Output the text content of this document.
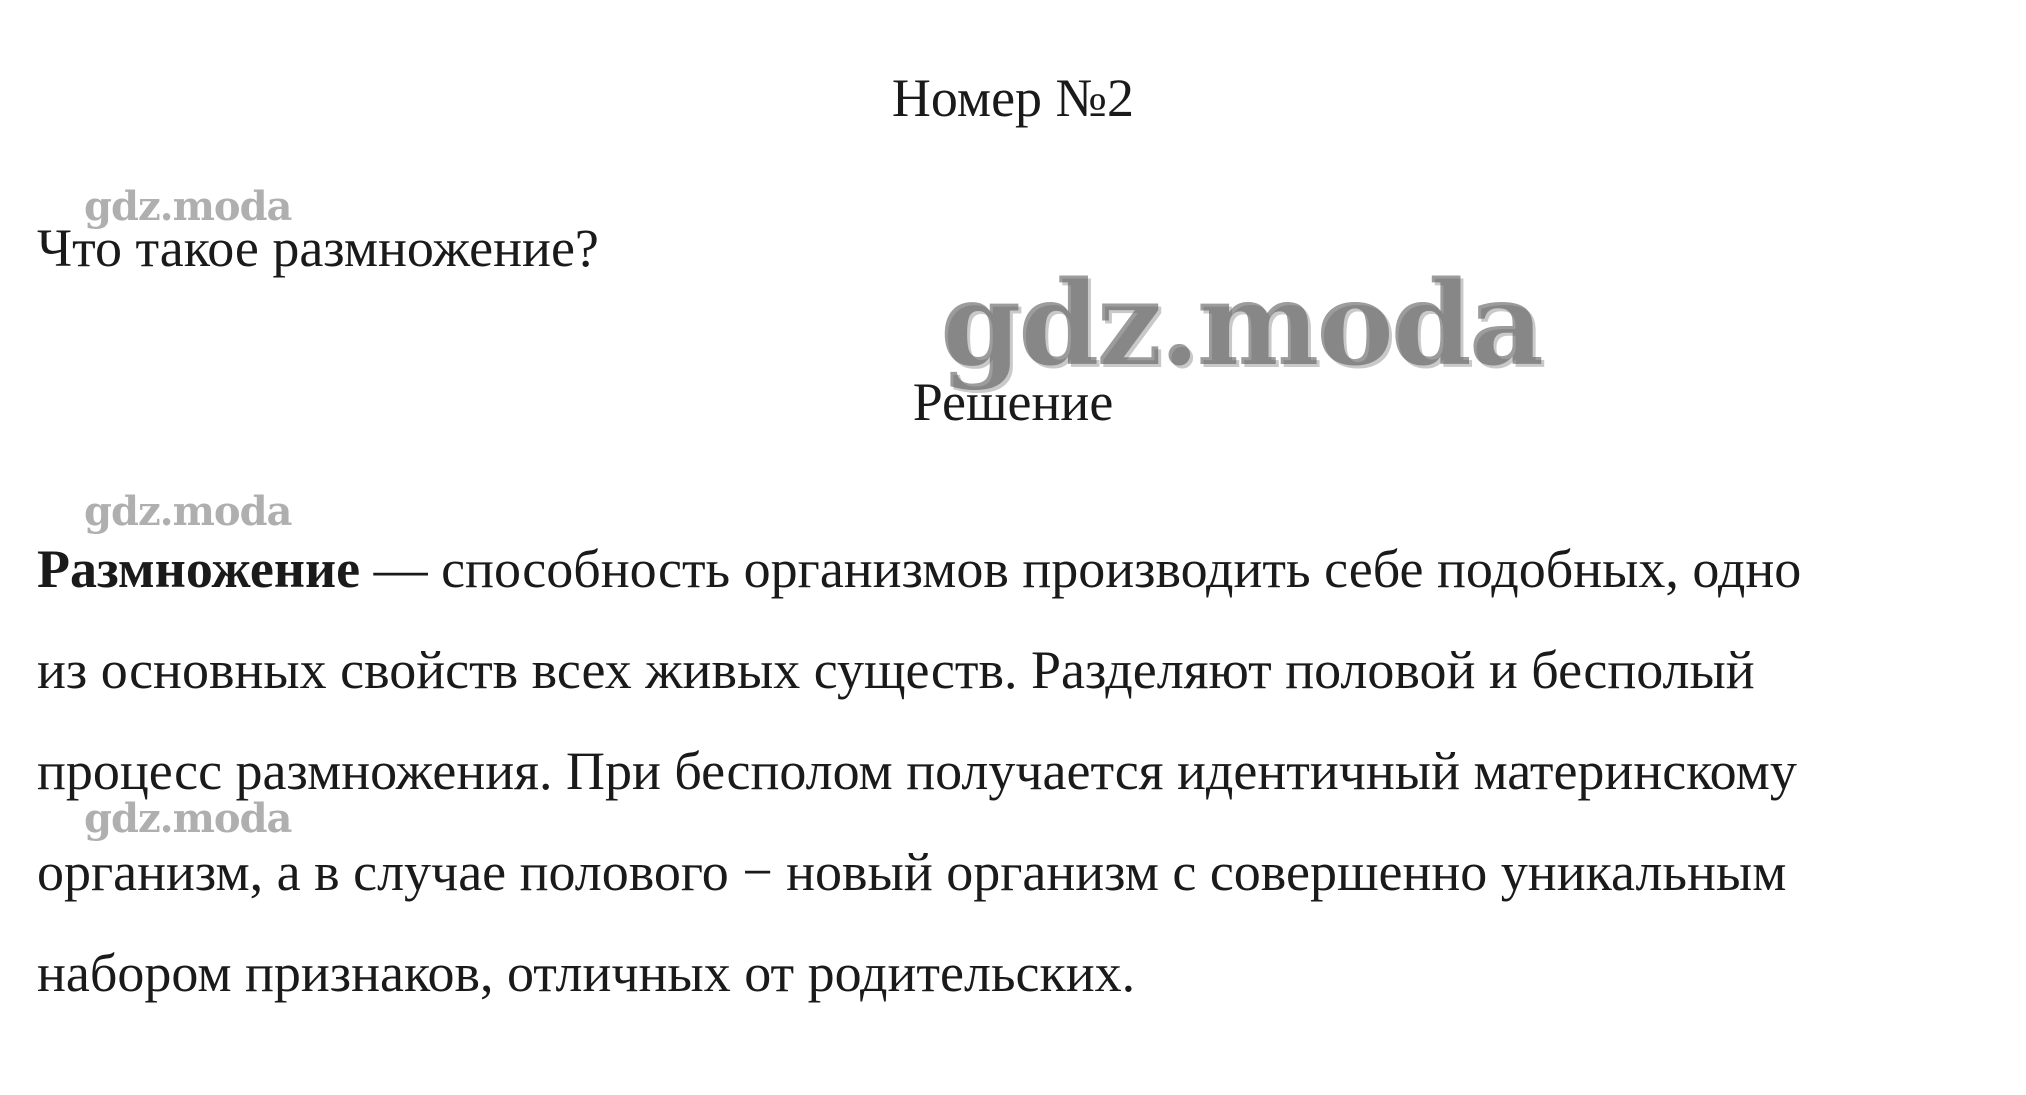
Номер №2
gdz.moda
Что такое размножение?
gdz.moda
Решение
gdz.moda

Размножение — способность организмов производить себе подобных, одно
из основных свойств всех живых существ. Разделяют половой и бесполый
процесс размножения. При бесполом получается идентичный материнскому
организм, а в случае полового − новый организм с совершенно уникальным
набором признаков, отличных от родительских.

gdz.moda
